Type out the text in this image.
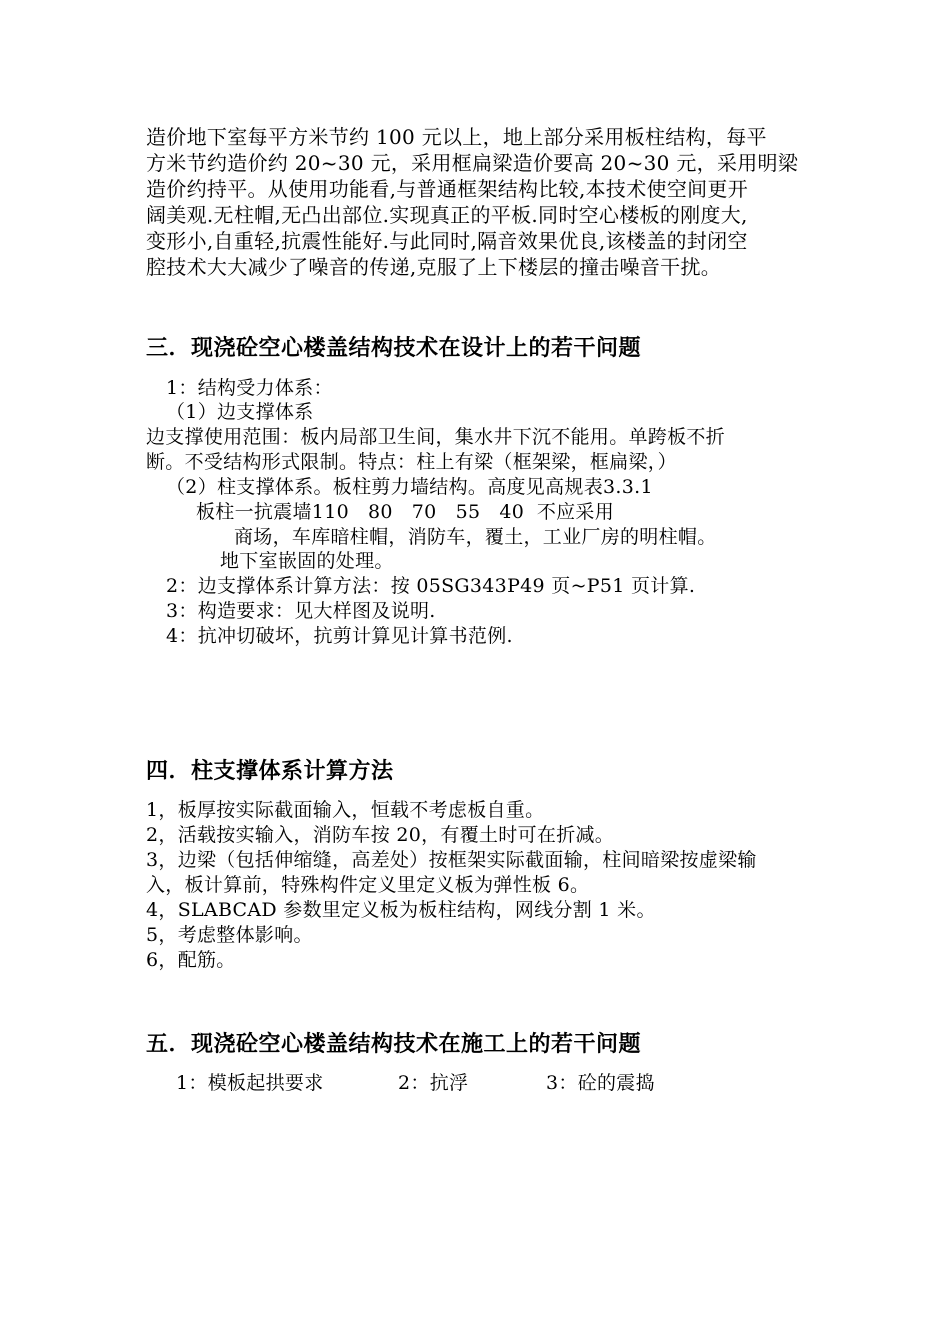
造价地下室每平方米节约 100 元以上，地上部分采用板柱结构，每平
方米节约造价约 20~30 元，采用框扁梁造价要高 20~30 元，采用明梁
造价约持平。从使用功能看,与普通框架结构比较,本技术使空间更开
阔美观.无柱帽,无凸出部位.实现真正的平板.同时空心楼板的刚度大,
变形小,自重轻,抗震性能好.与此同时,隔音效果优良,该楼盖的封闭空
腔技术大大减少了噪音的传递,克服了上下楼层的撞击噪音干扰。
三．现浇砼空心楼盖结构技术在设计上的若干问题
1：结构受力体系：
（1）边支撑体系
边支撑使用范围：板内局部卫生间，集水井下沉不能用。单跨板不折
断。不受结构形式限制。特点：柱上有梁（框架梁，框扁梁，）
（2）柱支撑体系。板柱剪力墙结构。高度见高规表3.3.1
板柱一抗震墙110   80   70   55   40  不应采用
商场，车库暗柱帽，消防车，覆土，工业厂房的明柱帽。
地下室嵌固的处理。
2：边支撑体系计算方法：按 05SG343P49 页~P51 页计算.
3：构造要求：见大样图及说明.
4：抗冲切破坏，抗剪计算见计算书范例.
四．柱支撑体系计算方法
1，板厚按实际截面输入，恒载不考虑板自重。
2，活载按实输入，消防车按 20，有覆土时可在折减。
3，边梁（包括伸缩缝，高差处）按框架实际截面输，柱间暗梁按虚梁输
入，板计算前，特殊构件定义里定义板为弹性板 6。
4，SLABCAD 参数里定义板为板柱结构，网线分割 1 米。
5，考虑整体影响。
6，配筋。
五．现浇砼空心楼盖结构技术在施工上的若干问题
1：模板起拱要求	2：抗浮	3：砼的震捣
